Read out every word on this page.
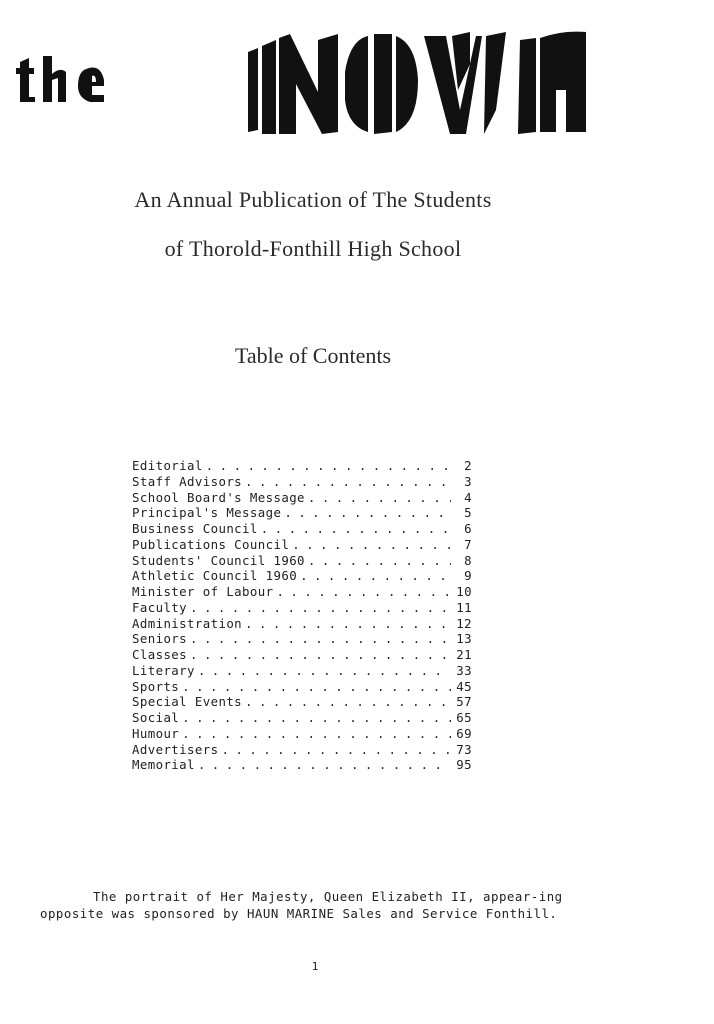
An Annual Publication of The Students
of Thorold-Fonthill High School
Table of Contents
Editorial . . .	2
Staff Advisors . . .	3
School Board's Message . . .	4
Principal's Message . . .	5
Business Council . . .	6
Publications Council . . .	7
Students' Council 1960 . . .	8
Athletic Council 1960 . . .	9
Minister of Labour . . .	10
Faculty . . .	11
Administration . . .	12
Seniors . . .	13
Classes . . .	21
Literary . . .	33
Sports . . .	45
Special Events . . .	57
Social . . .	65
Humour . . .	69
Advertisers . . .	73
Memorial . . .	95

The portrait of Her Majesty, Queen Elizabeth II, appear-ing opposite was sponsored by HAUN MARINE Sales and Service Fonthill.

1
